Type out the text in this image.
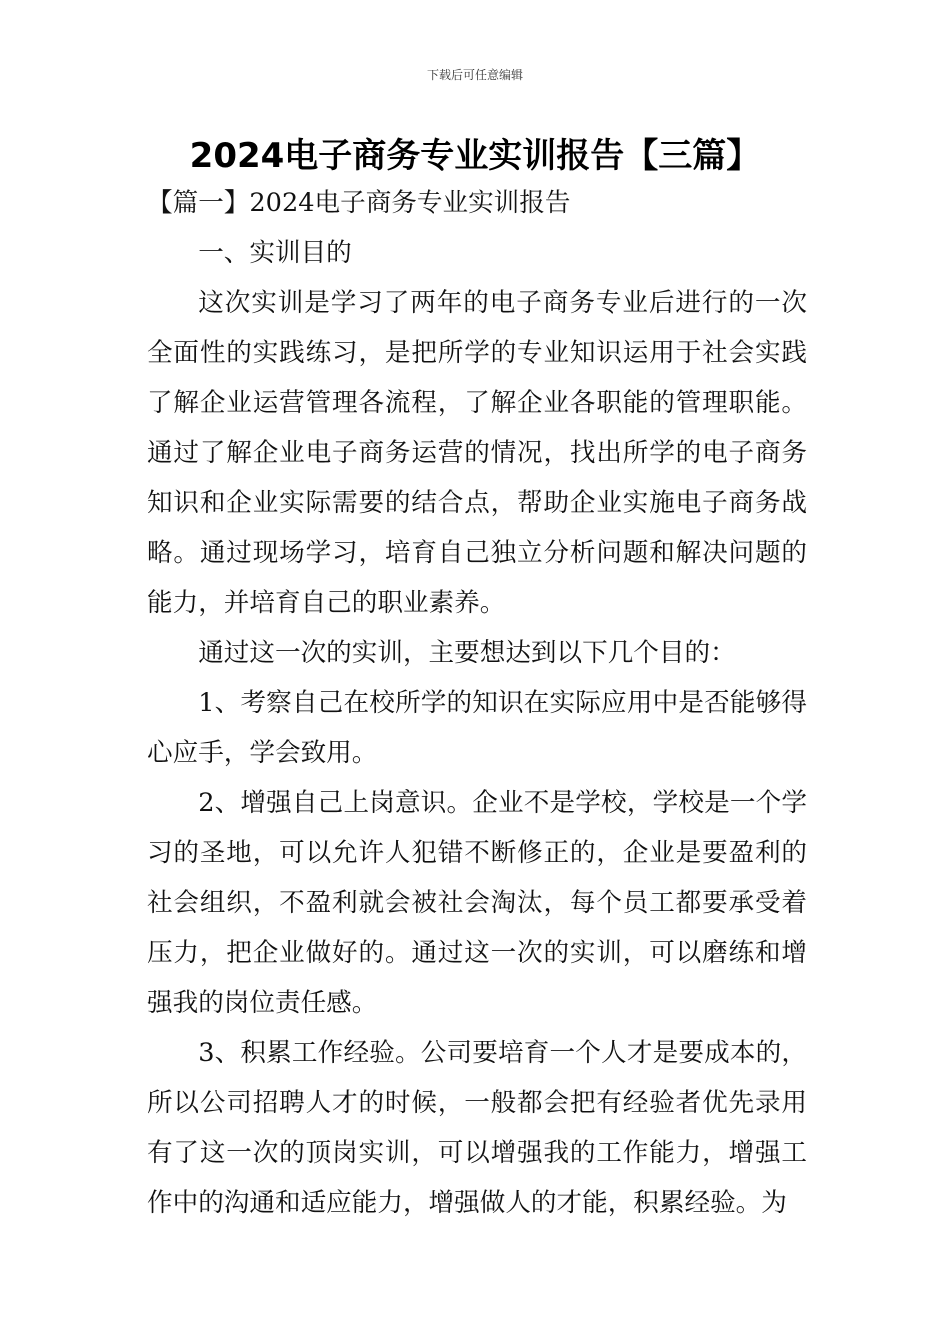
下载后可任意编辑
2024电子商务专业实训报告【三篇】

【篇一】2024电子商务专业实训报告

一、实训目的

这次实训是学习了两年的电子商务专业后进行的一次全面性的实践练习，是把所学的专业知识运用于社会实践了解企业运营管理各流程，了解企业各职能的管理职能。通过了解企业电子商务运营的情况，找出所学的电子商务知识和企业实际需要的结合点，帮助企业实施电子商务战略。通过现场学习，培育自己独立分析问题和解决问题的能力，并培育自己的职业素养。

通过这一次的实训，主要想达到以下几个目的：

1、考察自己在校所学的知识在实际应用中是否能够得心应手，学会致用。

2、增强自己上岗意识。企业不是学校，学校是一个学习的圣地，可以允许人犯错不断修正的，企业是要盈利的社会组织，不盈利就会被社会淘汰，每个员工都要承受着压力，把企业做好的。通过这一次的实训，可以磨练和增强我的岗位责任感。

3、积累工作经验。公司要培育一个人才是要成本的，所以公司招聘人才的时候，一般都会把有经验者优先录用有了这一次的顶岗实训，可以增强我的工作能力，增强工作中的沟通和适应能力，增强做人的才能，积累经验。为
